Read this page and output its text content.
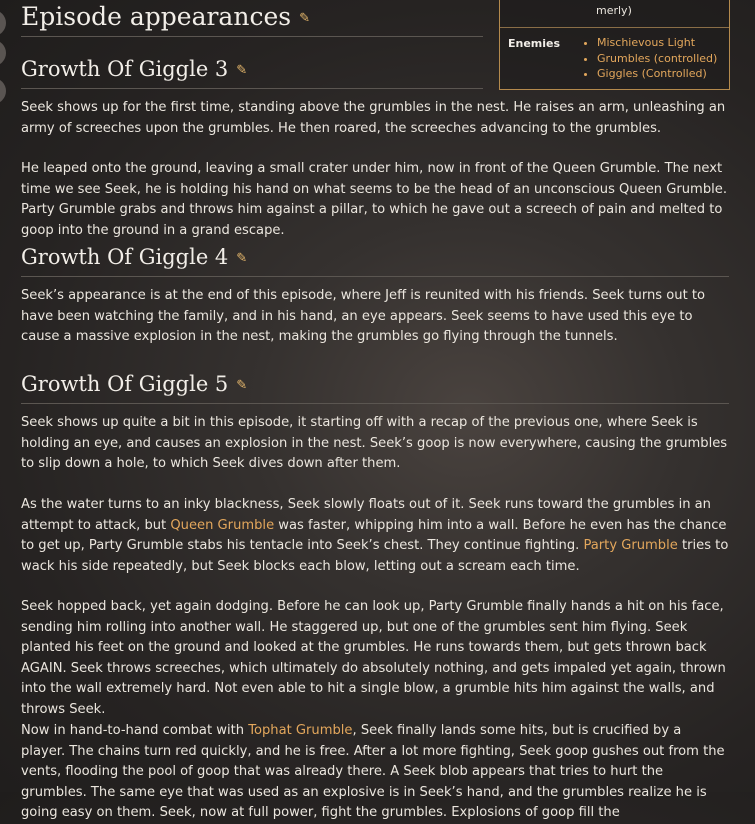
merly)
Enemies
•	Mischievous Light
• Grumbles (controlled)
• Giggles (Controlled)
Episode appearances ✎
Growth Of Giggle 3 ✎

Seek shows up for the first time, standing above the grumbles in the nest. He raises an arm, unleashing an army of screeches upon the grumbles. He then roared, the screeches advancing to the grumbles.

He leaped onto the ground, leaving a small crater under him, now in front of the Queen Grumble. The next time we see Seek, he is holding his hand on what seems to be the head of an unconscious Queen Grumble. Party Grumble grabs and throws him against a pillar, to which he gave out a screech of pain and melted to goop into the ground in a grand escape.

Growth Of Giggle 4 ✎

Seek’s appearance is at the end of this episode, where Jeff is reunited with his friends. Seek turns out to have been watching the family, and in his hand, an eye appears. Seek seems to have used this eye to cause a massive explosion in the nest, making the grumbles go flying through the tunnels.

Growth Of Giggle 5 ✎

Seek shows up quite a bit in this episode, it starting off with a recap of the previous one, where Seek is holding an eye, and causes an explosion in the nest. Seek’s goop is now everywhere, causing the grumbles to slip down a hole, to which Seek dives down after them.

As the water turns to an inky blackness, Seek slowly floats out of it. Seek runs toward the grumbles in an attempt to attack, but Queen Grumble was faster, whipping him into a wall. Before he even has the chance to get up, Party Grumble stabs his tentacle into Seek’s chest. They continue fighting. Party Grumble tries to wack his side repeatedly, but Seek blocks each blow, letting out a scream each time.

Seek hopped back, yet again dodging. Before he can look up, Party Grumble finally hands a hit on his face, sending him rolling into another wall. He staggered up, but one of the grumbles sent him flying. Seek planted his feet on the ground and looked at the grumbles. He runs towards them, but gets thrown back AGAIN. Seek throws screeches, which ultimately do absolutely nothing, and gets impaled yet again, thrown into the wall extremely hard. Not even able to hit a single blow, a grumble hits him against the walls, and throws Seek.

Now in hand-to-hand combat with Tophat Grumble, Seek finally lands some hits, but is crucified by a player. The chains turn red quickly, and he is free. After a lot more fighting, Seek goop gushes out from the vents, flooding the pool of goop that was already there. A Seek blob appears that tries to hurt the grumbles. The same eye that was used as an explosive is in Seek’s hand, and the grumbles realize he is going easy on them. Seek, now at full power, fight the grumbles. Explosions of goop fill the
